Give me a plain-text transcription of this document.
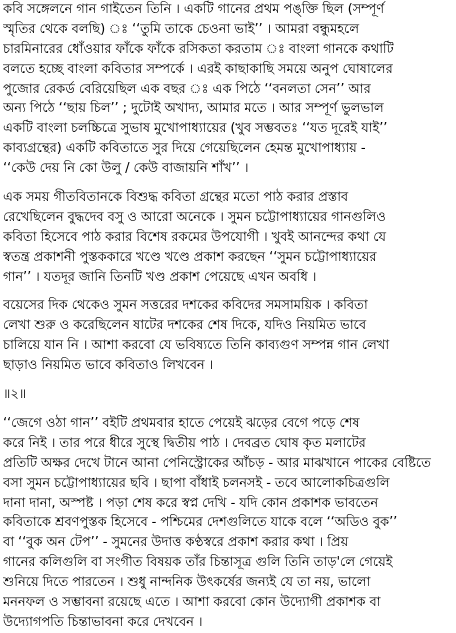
কবি সঙ্গেলনে গান গাইতেন তিনি । একটি গানের প্রথম পঙ্‌ক্তি ছিল (সম্পূর্ণ
স্মৃতির থেকে বলছি) ঃ ‘‘তুমি তাকে চেওনা ভাই’’ । আমরা বন্ধুমহলে
চারমিনারের ধোঁওয়ার ফাঁকে ফাঁকে রসিকতা করতাম ঃ বাংলা গানকে কথাটি
বলতে হচ্ছে বাংলা কবিতার সম্পর্কে । এরই কাছাকাছি সময়ে অনুপ ঘোষালের
পুজোর রেকর্ড বেরিয়েছিল এক বছর ঃ এক পিঠে ‘‘বনলতা সেন’’ আর
অন্য পিঠে ‘‘ছায় চিল’’ ; দুটোই অখাদ্য, আমার মতে । আর সম্পূর্ণ ভুলভাল
একটি বাংলা চলচ্চিত্রে সুভাষ মুখোপাধ্যায়ের (খুব সম্ভবতঃ ‘‘যত দূরেই যাই’’
কাব্যগ্রন্থের) একটি কবিতাতে সুর দিয়ে গেয়েছিলেন হেমন্ত মুখোপাধ্যায় -
‘‘কেউ দেয় নি কো উলু / কেউ বাজায়নি শাঁখ’’ ।
এক সময় গীতবিতানকে বিশুদ্ধ কবিতা গ্রন্থের মতো পাঠ করার প্রস্তাব
রেখেছিলেন বুদ্ধদেব বসু ও আরো অনেকে । সুমন চট্টোপাধ্যায়ের গানগুলিও
কবিতা হিসেবে পাঠ করার বিশেষ রকমের উপযোগী । খুবই আনন্দের কথা যে
স্বতন্ত্র প্রকাশনী পুস্তককারে খণ্ডে খণ্ডে প্রকাশ করছেন ‘‘সুমন চট্টোপাধ্যায়ের
গান’’ । যতদূর জানি তিনটি খণ্ড প্রকাশ পেয়েছে এখন অবধি ।
বয়েসের দিক থেকেও সুমন সত্তরের দশকের কবিদের সমসাময়িক । কবিতা
লেখা শুরু ও করেছিলেন ষাটের দশকের শেষ দিকে, যদিও নিয়মিত ভাবে
চালিয়ে যান নি । আশা করবো যে ভবিষ্যতে তিনি কাব্যগুণ সম্পন্ন গান লেখা
ছাড়াও নিয়মিত ভাবে কবিতাও লিখবেন ।
॥২॥
‘‘জেগে ওঠা গান’’ বইটি প্রথমবার হাতে পেয়েই ঝড়ের বেগে পড়ে শেষ
করে নিই । তার পরে ধীরে সুস্থে দ্বিতীয় পাঠ । দেবব্রত ঘোষ কৃত মলাটের
প্রতিটি অক্ষর দেখে টানে আনা পেনিস্ট্রোকের আঁচড় - আর মাঝখানে পাকের বেষ্টিতে
বসা সুমন চট্টোপাধ্যায়ের ছবি । ছাপা বাঁধাই চলনসই - তবে আলোকচিত্রগুলি
দানা দানা, অস্পষ্ট । পড়া শেষ করে স্বপ্ন দেখি - যদি কোন প্রকাশক ভাবতেন
কবিতাকে শ্রবণপুস্তক হিসেবে - পশ্চিমের দেশগুলিতে যাকে বলে ‘‘অডিও বুক’’
বা ‘‘বুক অন টেপ’’ - সুমনের উদাত্ত কণ্ঠস্বরে প্রকাশ করার কথা । প্রিয়
গানের কলিগুলি বা সংগীত বিষয়ক তাঁর চিন্তাসূত্র গুলি তিনি তাড়'লে গেয়েই
শুনিয়ে দিতে পারতেন । শুধু নান্দনিক উৎকর্ষের জন্যই যে তা নয়, ভালো
মননফল ও সম্ভাবনা রয়েছে এতে । আশা করবো কোন উদ্যোগী প্রকাশক বা
উদ্যোগপতি চিন্তাভাবনা করে দেখবেন ।
